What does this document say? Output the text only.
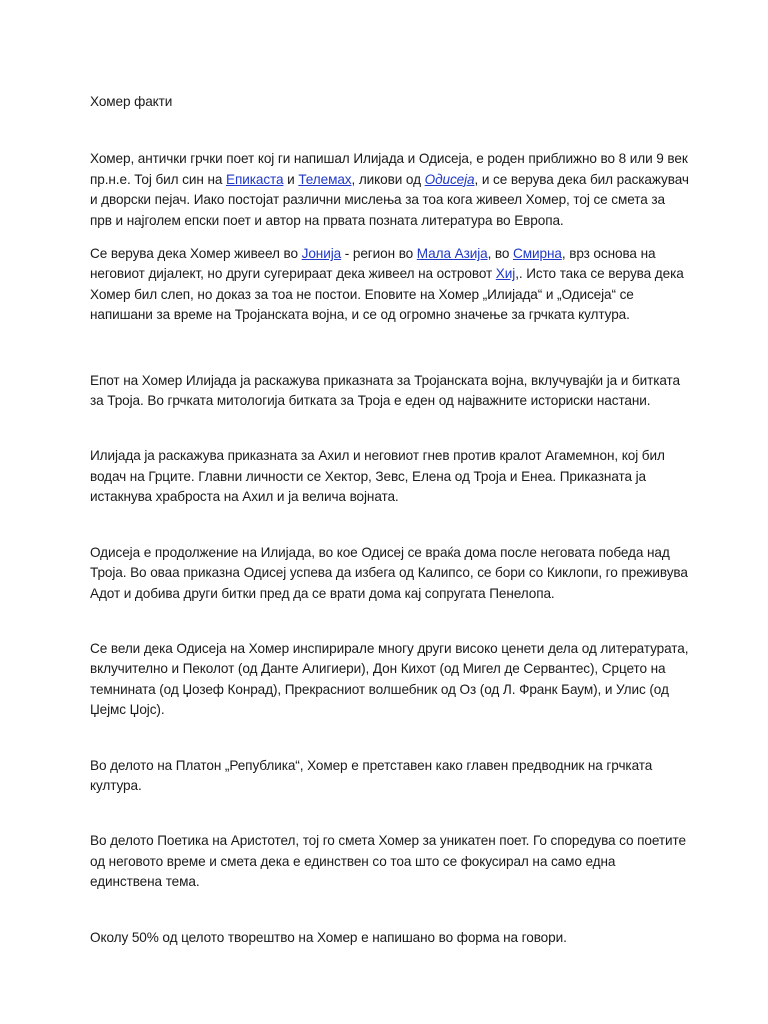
Хомер факти

Хомер, антички грчки поет кој ги напишал Илијада и Одисеја, е роден приближно во 8 или 9 век пр.н.е. Тој бил син на Епикаста и Телемах, ликови од Одисеја, и се верува дека бил раскажувач и дворски пејач. Иако постојат различни мислења за тоа кога живеел Хомер, тој се смета за прв и најголем епски поет и автор на првата позната литература во Европа.

Се верува дека Хомер живеел во Јонија - регион во Мала Азија, во Смирна, врз основа на неговиот дијалект, но други сугерираат дека живеел на островот Хиј,. Исто така се верува дека Хомер бил слеп, но доказ за тоа не постои. Еповите на Хомер „Илијада“ и „Одисеја“ се напишани за време на Тројанската војна, и се од огромно значење за грчката култура.

Епот на Хомер Илијада ја раскажува приказната за Тројанската војна, вклучувајќи ја и битката за Троја. Во грчката митологија битката за Троја е еден од најважните историски настани.

Илијада ја раскажува приказната за Ахил и неговиот гнев против кралот Агамемнон, кој бил водач на Грците. Главни личности се Хектор, Зевс, Елена од Троја и Енеа. Приказната ја истакнува храброста на Ахил и ја велича војната.

Одисеја е продолжение на Илијада, во кое Одисеј се враќа дома после неговата победа над Троја. Во оваа приказна Одисеј успева да избега од Калипсо, се бори со Киклопи, го преживува Адот и добива други битки пред да се врати дома кај сопругата Пенелопа.

Се вели дека Одисеја на Хомер инспирирале многу други високо ценети дела од литературата, вклучително и Пеколот (од Данте Алигиери), Дон Кихот (од Мигел де Сервантес), Срцето на темнината (од Џозеф Конрад), Прекрасниот волшебник од Оз (од Л. Франк Баум), и Улис (од Џејмс Џојс).

Во делото на Платон „Република“, Хомер е претставен како главен предводник на грчката култура.

Во делото Поетика на Аристотел, тој го смета Хомер за уникатен поет. Го споредува со поетите од неговото време и смета дека е единствен со тоа што се фокусирал на само една единствена тема.

Околу 50% од целото творештво на Хомер е напишано во форма на говори.
